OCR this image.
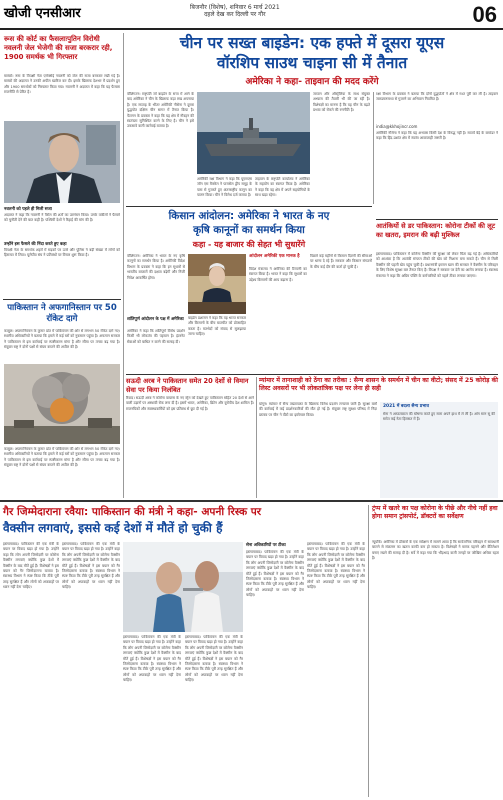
खोजी एनसीआर	बिजनौर (विशेष), शनिवार 6 मार्च 2021
दहले देख कर दिल्ली पर गौर	06
रूस की कोर्ट का फैसलाःपुतिन विरोधी नवलनी जेल भेजेगी की सजा बरकरार रही, 1900 समर्थक भी गिरफ्तार
मास्को। रूस के विपक्षी नेता एलेक्सेई नवलनी को जेल की सजा बरकरार रखी गई है। मास्को की अदालत ने उनकी अपील खारिज कर दी। इसके खिलाफ देशभर में प्रदर्शन हुए और 1900 समर्थकों को गिरफ्तार किया गया। नवलनी ने अदालत में कहा कि यह फैसला राजनीति से प्रेरित है।
नवलनी को पहले ही मिली सजा
अदालत ने कहा कि नवलनी ने पैरोल की शर्तों का उल्लंघन किया। उनके वकीलों ने फैसले को चुनौती देने की बात कही है। पश्चिमी देशों ने रिहाई की मांग की है।
उन्होंने इस फैसले की निंदा करते हुए कहा
विपक्षी नेता के समर्थक शहरों में सड़कों पर उतरे और पुलिस ने बड़ी संख्या में लोगों को हिरासत में लिया। यूरोपीय संघ ने प्रतिबंधों पर विचार शुरू किया है।
पाकिस्तान ने अफगानिस्तान पर 50 रॉकेट दागे
काबुल। अफगानिस्तान के कुनार प्रांत में पाकिस्तान की ओर से लगभग 50 रॉकेट दागे गए। स्थानीय अधिकारियों ने बताया कि हमले में कई घरों को नुकसान पहुंचा है। अफगान सरकार ने पाकिस्तान से इस कार्रवाई पर स्पष्टीकरण मांगा है और सीमा पर तनाव बढ़ गया है। संयुक्त राष्ट्र ने दोनों पक्षों से संयम बरतने की अपील की है।
काबुल। अफगानिस्तान के कुनार प्रांत में पाकिस्तान की ओर से लगभग 50 रॉकेट दागे गए। स्थानीय अधिकारियों ने बताया कि हमले में कई घरों को नुकसान पहुंचा है। अफगान सरकार ने पाकिस्तान से इस कार्रवाई पर स्पष्टीकरण मांगा है और सीमा पर तनाव बढ़ गया है। संयुक्त राष्ट्र ने दोनों पक्षों से संयम बरतने की अपील की है।
चीन पर सख्त बाइडेन: एक हफ्ते में दूसरा यूएस
वॉरशिप साउथ चाइना सी में तैनात
अमेरिका ने कहा- ताइवान की मदद करेंगे
वॉशिंगटन। राष्ट्रपति जो बाइडेन के सत्ता में आने के बाद अमेरिका ने चीन के खिलाफ कड़ा रुख अपनाया है। एक सप्ताह के भीतर अमेरिकी नौसेना ने दूसरा युद्धपोत दक्षिण चीन सागर में तैनात किया है। पेंटागन के प्रवक्ता ने कहा कि यह क्षेत्र में नौवहन की स्वतंत्रता सुनिश्चित करने के लिए है। चीन ने इसे उकसावे वाली कार्रवाई बताया है।
अमेरिकी रक्षा विभाग ने कहा कि यूएसएस जॉन एस मैक्केन ने पारासेल द्वीप समूह के पास से गुजरते हुए अंतरराष्ट्रीय कानून का पालन किया। चीन ने विरोध दर्ज कराया है।
ताइवान के राष्ट्रपति कार्यालय ने अमेरिका के सहयोग का स्वागत किया है। अमेरिका ने कहा कि वह क्षेत्र में अपने सहयोगियों के साथ खड़ा रहेगा।
जापान और ऑस्ट्रेलिया के साथ संयुक्त अभ्यास की तैयारी भी की जा रही है। विशेषज्ञों का मानना है कि यह चीन के बढ़ते प्रभाव को रोकने की रणनीति है।
रक्षा विभाग के प्रवक्ता ने बताया कि दोनों युद्धपोतों ने क्षेत्र में गश्त पूरी कर ली है। ताइवान जलडमरूमध्य से गुजरने का अभियान नियमित है।
india@kkhojincr.com
अमेरिकी नौसेना ने कहा कि यह अभ्यास किसी देश के विरुद्ध नहीं है। सातवें बेड़े के कमांडर ने कहा कि हिंद-प्रशांत क्षेत्र में स्वतंत्र आवाजाही जरूरी है।
आतंकियों से डर पाकिस्तान: कोरोना टीकों की लूट का खतरा, इमरान की बढ़ी मुश्किल
इस्लामाबाद। पाकिस्तान में कोरोना वैक्सीन की सुरक्षा को लेकर चिंता बढ़ गई है। अधिकारियों को आशंका है कि आतंकी संगठन टीकों की खेप को निशाना बना सकते हैं। चीन से मिली वैक्सीन की पहली खेप पहुंच चुकी है। प्रधानमंत्री इमरान खान की सरकार ने वैक्सीन के परिवहन के लिए विशेष सुरक्षा बल तैनात किए हैं। विपक्ष ने सरकार पर देरी का आरोप लगाया है। स्वास्थ्य मंत्रालय ने कहा कि अग्रिम पंक्ति के कर्मचारियों को पहले टीका लगाया जाएगा।
किसान आंदोलन: अमेरिका ने भारत के नए
कृषि कानूनों का समर्थन किया
कहा - यह बाजार की सेहत भी सुधारेंगे
वॉशिंगटन। अमेरिका ने भारत के नए कृषि कानूनों का समर्थन किया है। अमेरिकी विदेश विभाग के प्रवक्ता ने कहा कि इन सुधारों से भारतीय बाजारों की दक्षता बढ़ेगी और निजी निवेश आकर्षित होगा।
शांतिपूर्ण आंदोलन के पक्ष में अमेरिका
अमेरिका ने कहा कि शांतिपूर्ण विरोध प्रदर्शन किसी भी लोकतंत्र की पहचान है। इंटरनेट सेवाओं को बाधित न करने की सलाह दी।
बाइडेन प्रशासन ने कहा कि वह भारत सरकार और किसानों के बीच बातचीत को प्रोत्साहित करता है। मतभेदों को संवाद से सुलझाया जाना चाहिए।
आंदोलन अमेरिकी एक मानक है
विदेश मंत्रालय ने अमेरिका की टिप्पणी का स्वागत किया है। भारत ने कहा कि सुधारों का उद्देश्य किसानों की आय बढ़ाना है।
पिछले कई महीनों से किसान दिल्ली की सीमाओं पर धरना दे रहे हैं। सरकार और किसान संगठनों के बीच कई दौर की वार्ता हो चुकी है।
सऊदी अरब ने पाकिस्तान समेत 20 देशों से विमान सेवा पर किया निलंबित
रियाद। सऊदी अरब ने कोरोना वायरस के नए स्ट्रेन को देखते हुए पाकिस्तान सहित 20 देशों से आने वाली उड़ानों पर अस्थायी रोक लगा दी है। इसमें भारत, अमेरिका, ब्रिटेन और यूरोपीय देश शामिल हैं। राजनयिकों और स्वास्थ्यकर्मियों को इस प्रतिबंध से छूट दी गई है।
म्यांमार में तानाशाही को ठेंगा का तरीका : सैन्य शासन के समर्थन में चीन का वीटो; संसद में 25 कोरोड़ की लिस्ट अवसरों पर भी लोकतांत्रिक पक्ष पर लेना ही सही
यांगून। म्यांमार में सैन्य तख्तापलट के खिलाफ विरोध प्रदर्शन लगातार जारी हैं। सुरक्षा बलों की कार्रवाई में कई प्रदर्शनकारियों की मौत हो गई है। संयुक्त राष्ट्र सुरक्षा परिषद में निंदा प्रस्ताव पर चीन ने वीटो का इस्तेमाल किया।
2021 में बदला सैन्य प्रभाव
सेना ने आपातकाल की घोषणा करते हुए सत्ता अपने हाथ में ले ली है। आंग सान सू की समेत कई नेता हिरासत में हैं।
गैर जिम्मेदाराना रवैया: पाकिस्तान की मंत्री ने कहा- अपनी रिस्क पर
वैक्सीन लगवाएं, इससे कई देशों में मौतें हो चुकी हैं
इस्लामाबाद। पाकिस्तान की एक मंत्री के बयान पर विवाद खड़ा हो गया है। उन्होंने कहा कि लोग अपनी जिम्मेदारी पर कोरोना वैक्सीन लगवाएं क्योंकि कुछ देशों में वैक्सीन के बाद मौतें हुई हैं। विशेषज्ञों ने इस बयान को गैर जिम्मेदाराना बताया है। स्वास्थ्य विभाग ने स्पष्ट किया कि टीके पूरी तरह सुरक्षित हैं और लोगों को अफवाहों पर ध्यान नहीं देना चाहिए।
इस्लामाबाद। पाकिस्तान की एक मंत्री के बयान पर विवाद खड़ा हो गया है। उन्होंने कहा कि लोग अपनी जिम्मेदारी पर कोरोना वैक्सीन लगवाएं क्योंकि कुछ देशों में वैक्सीन के बाद मौतें हुई हैं। विशेषज्ञों ने इस बयान को गैर जिम्मेदाराना बताया है। स्वास्थ्य विभाग ने स्पष्ट किया कि टीके पूरी तरह सुरक्षित हैं और लोगों को अफवाहों पर ध्यान नहीं देना चाहिए।
इस्लामाबाद। पाकिस्तान की एक मंत्री के बयान पर विवाद खड़ा हो गया है। उन्होंने कहा कि लोग अपनी जिम्मेदारी पर कोरोना वैक्सीन लगवाएं क्योंकि कुछ देशों में वैक्सीन के बाद मौतें हुई हैं। विशेषज्ञों ने इस बयान को गैर जिम्मेदाराना बताया है। स्वास्थ्य विभाग ने स्पष्ट किया कि टीके पूरी तरह सुरक्षित हैं और लोगों को अफवाहों पर ध्यान नहीं देना चाहिए।
इस्लामाबाद। पाकिस्तान की एक मंत्री के बयान पर विवाद खड़ा हो गया है। उन्होंने कहा कि लोग अपनी जिम्मेदारी पर कोरोना वैक्सीन लगवाएं क्योंकि कुछ देशों में वैक्सीन के बाद मौतें हुई हैं। विशेषज्ञों ने इस बयान को गैर जिम्मेदाराना बताया है। स्वास्थ्य विभाग ने स्पष्ट किया कि टीके पूरी तरह सुरक्षित हैं और लोगों को अफवाहों पर ध्यान नहीं देना चाहिए।
सेना अधिकारियों पर टीका
इस्लामाबाद। पाकिस्तान की एक मंत्री के बयान पर विवाद खड़ा हो गया है। उन्होंने कहा कि लोग अपनी जिम्मेदारी पर कोरोना वैक्सीन लगवाएं क्योंकि कुछ देशों में वैक्सीन के बाद मौतें हुई हैं। विशेषज्ञों ने इस बयान को गैर जिम्मेदाराना बताया है। स्वास्थ्य विभाग ने स्पष्ट किया कि टीके पूरी तरह सुरक्षित हैं और लोगों को अफवाहों पर ध्यान नहीं देना चाहिए।
इस्लामाबाद। पाकिस्तान की एक मंत्री के बयान पर विवाद खड़ा हो गया है। उन्होंने कहा कि लोग अपनी जिम्मेदारी पर कोरोना वैक्सीन लगवाएं क्योंकि कुछ देशों में वैक्सीन के बाद मौतें हुई हैं। विशेषज्ञों ने इस बयान को गैर जिम्मेदाराना बताया है। स्वास्थ्य विभाग ने स्पष्ट किया कि टीके पूरी तरह सुरक्षित हैं और लोगों को अफवाहों पर ध्यान नहीं देना चाहिए।
ट्रंप्प में खतरे का पक्ष कोरोना के पीछे और नीचे नहीं हवा होगा समान ट्रांसपोर्ट, डॉक्टरों का सर्वेक्षण
न्यूयॉर्क। अमेरिका में डॉक्टरों के एक सर्वेक्षण में सामने आया है कि सार्वजनिक परिवहन में सावधानी बरतने से संक्रमण का खतरा काफी कम हो सकता है। विशेषज्ञों ने मास्क पहनने और वेंटिलेशन बनाए रखने की सलाह दी है। सर्वे में कहा गया कि भीड़भाड़ वाली जगहों पर जोखिम अधिक रहता है।
